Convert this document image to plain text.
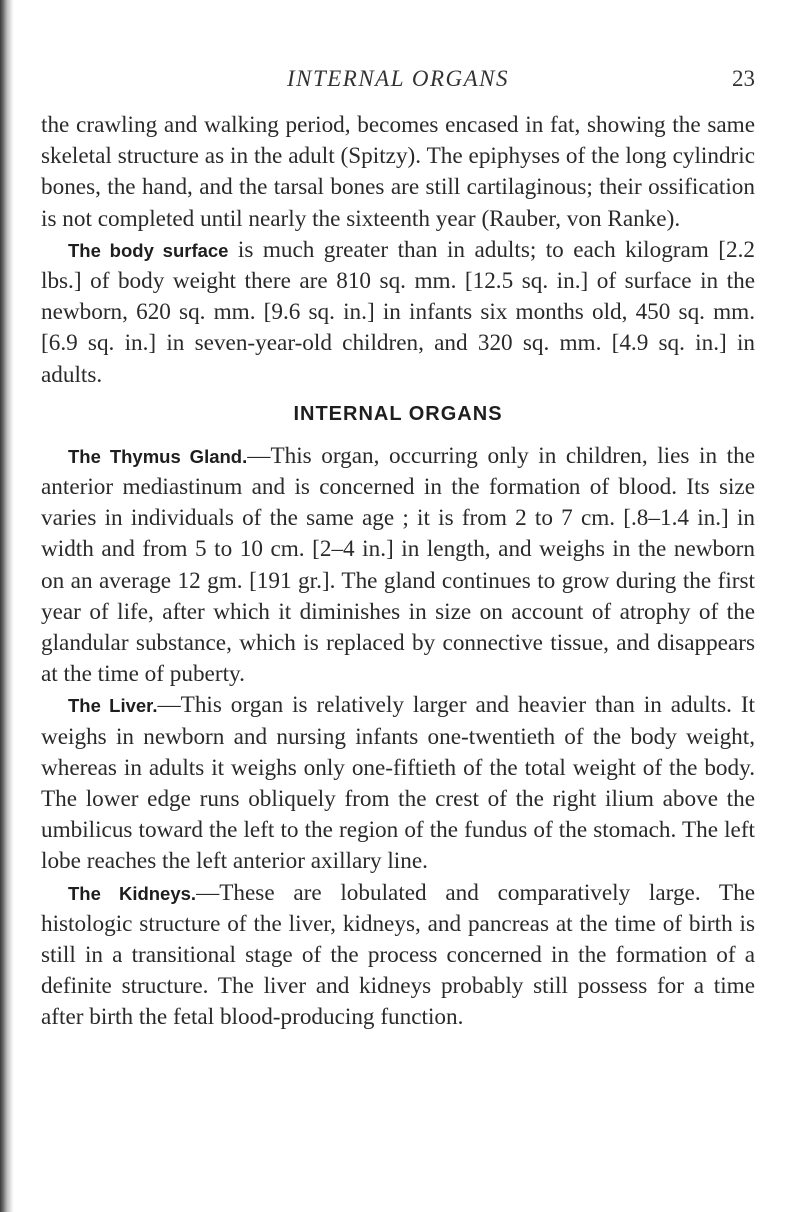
INTERNAL ORGANS	23

the crawling and walking period, becomes encased in fat, showing the same skeletal structure as in the adult (Spitzy). The epiphyses of the long cylindric bones, the hand, and the tarsal bones are still cartilaginous; their ossification is not completed until nearly the sixteenth year (Rauber, von Ranke).

The body surface is much greater than in adults; to each kilogram [2.2 lbs.] of body weight there are 810 sq. mm. [12.5 sq. in.] of surface in the newborn, 620 sq. mm. [9.6 sq. in.] in infants six months old, 450 sq. mm. [6.9 sq. in.] in seven-year-old children, and 320 sq. mm. [4.9 sq. in.] in adults.

INTERNAL ORGANS

The Thymus Gland.—This organ, occurring only in children, lies in the anterior mediastinum and is concerned in the formation of blood. Its size varies in individuals of the same age ; it is from 2 to 7 cm. [.8–1.4 in.] in width and from 5 to 10 cm. [2–4 in.] in length, and weighs in the newborn on an average 12 gm. [191 gr.]. The gland continues to grow during the first year of life, after which it diminishes in size on account of atrophy of the glandular substance, which is replaced by connective tissue, and disappears at the time of puberty.

The Liver.—This organ is relatively larger and heavier than in adults. It weighs in newborn and nursing infants one-twentieth of the body weight, whereas in adults it weighs only one-fiftieth of the total weight of the body. The lower edge runs obliquely from the crest of the right ilium above the umbilicus toward the left to the region of the fundus of the stomach. The left lobe reaches the left anterior axillary line.

The Kidneys.—These are lobulated and comparatively large. The histologic structure of the liver, kidneys, and pancreas at the time of birth is still in a transitional stage of the process concerned in the formation of a definite structure. The liver and kidneys probably still possess for a time after birth the fetal blood-producing function.
